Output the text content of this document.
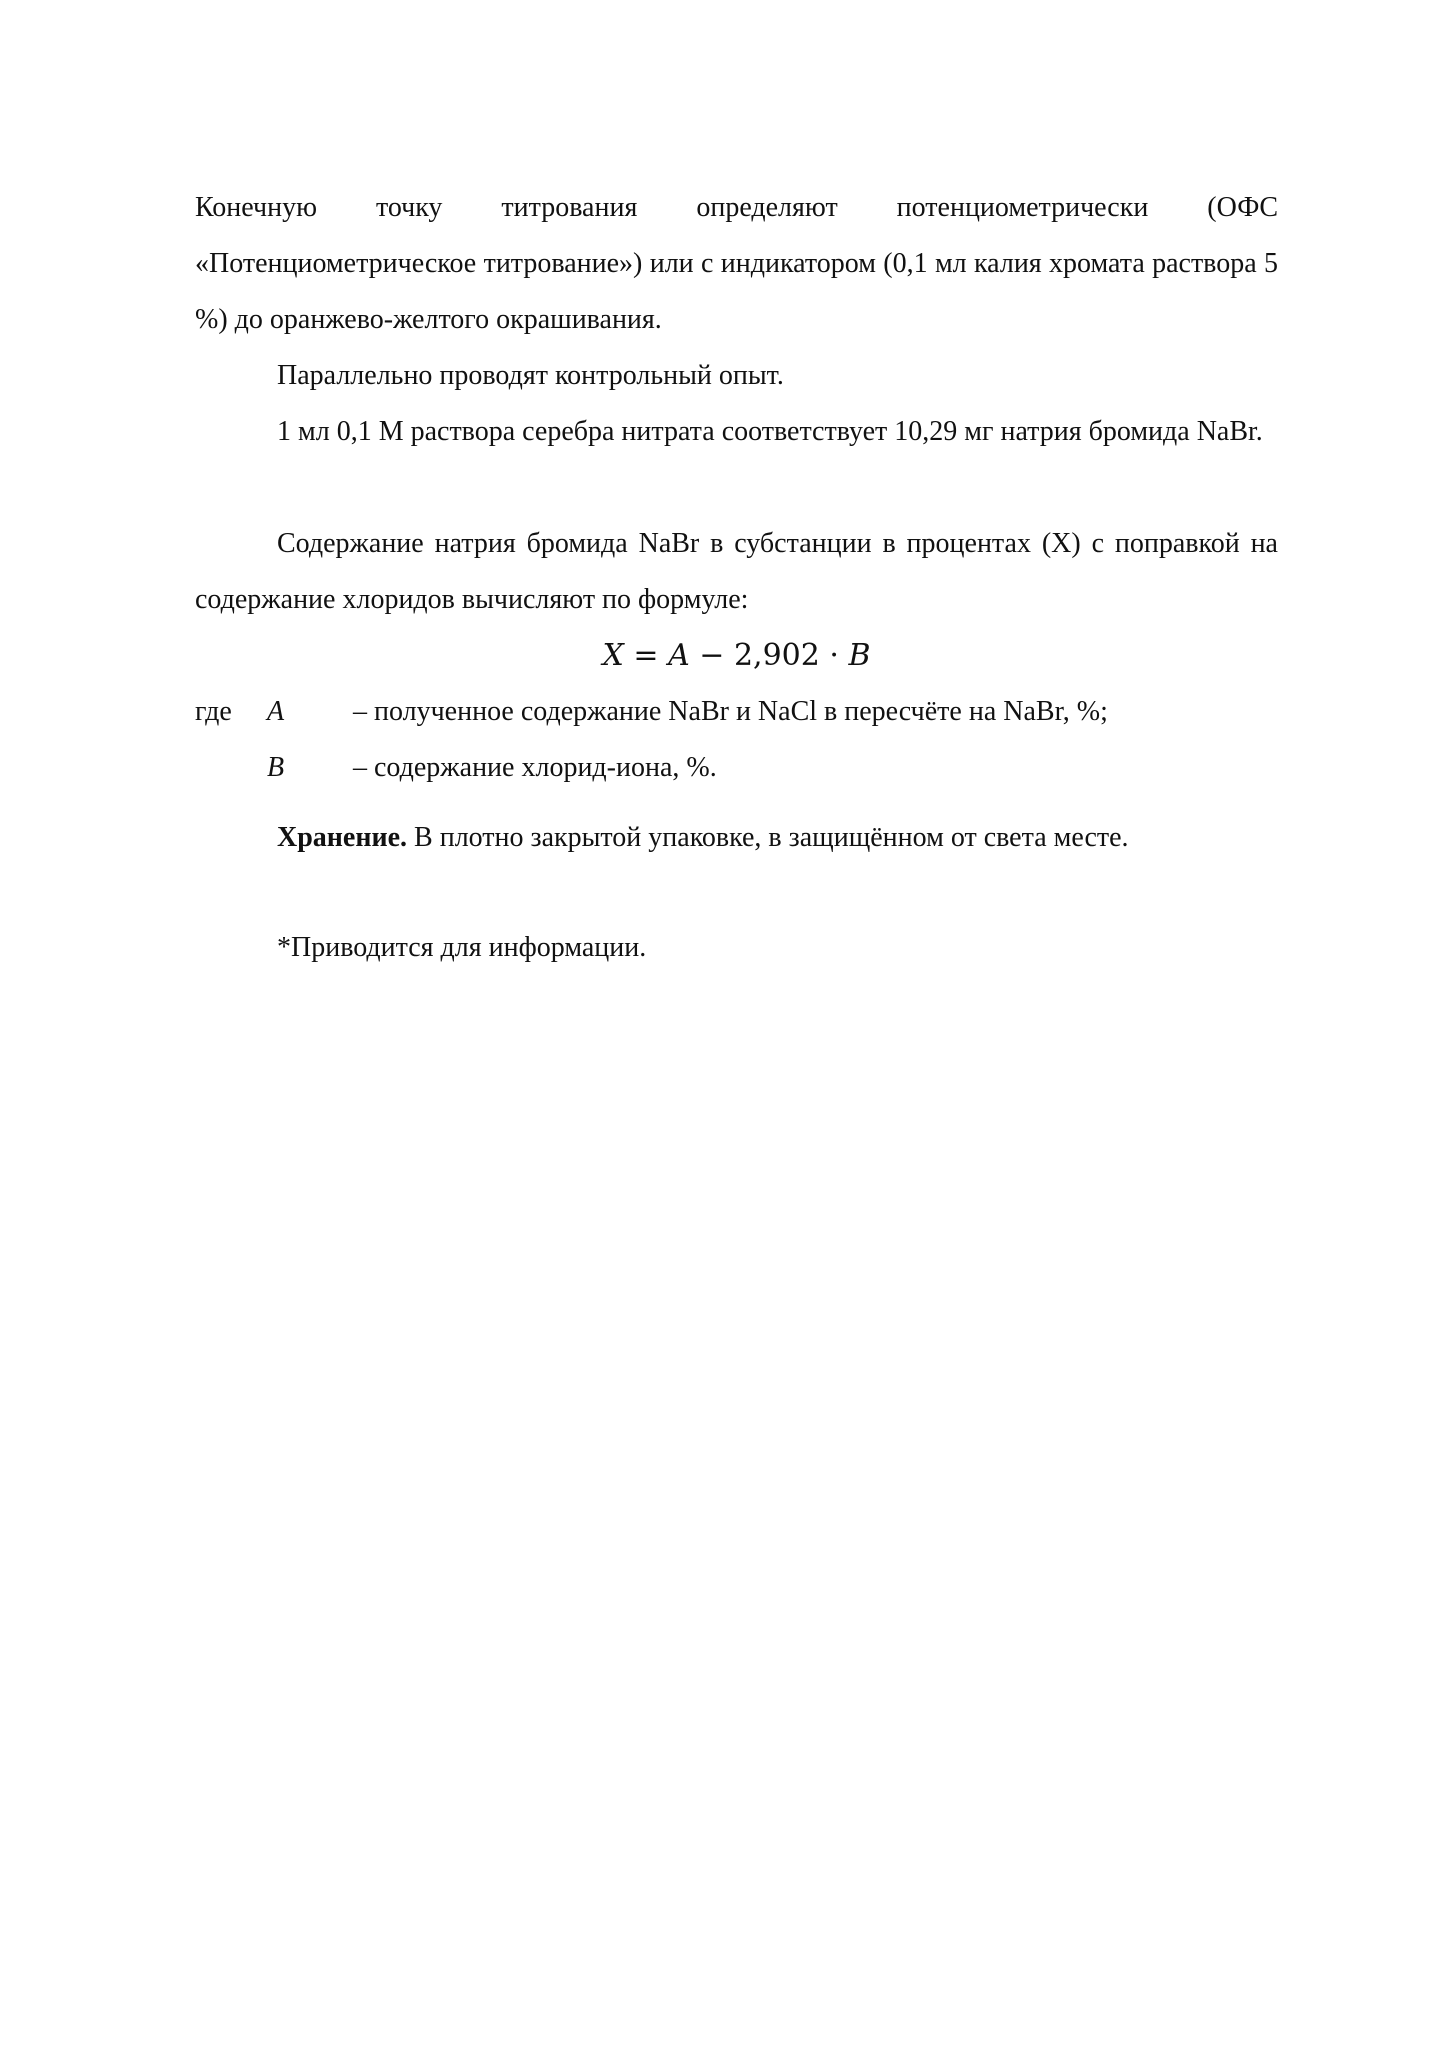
Конечную точку титрования определяют потенциометрически (ОФС «Потенциометрическое титрование») или с индикатором (0,1 мл калия хромата раствора 5 %) до оранжево-желтого окрашивания.

Параллельно проводят контрольный опыт.

1 мл 0,1 М раствора серебра нитрата соответствует 10,29 мг натрия бромида NaBr.

Содержание натрия бромида NaBr в субстанции в процентах (X) с поправкой на содержание хлоридов вычисляют по формуле:

X = A − 2,902 · B
где A – полученное содержание NaBr и NaCl в пересчёте на NaBr, %;
B – содержание хлорид-иона, %.
Хранение. В плотно закрытой упаковке, в защищённом от света месте.
*Приводится для информации.
